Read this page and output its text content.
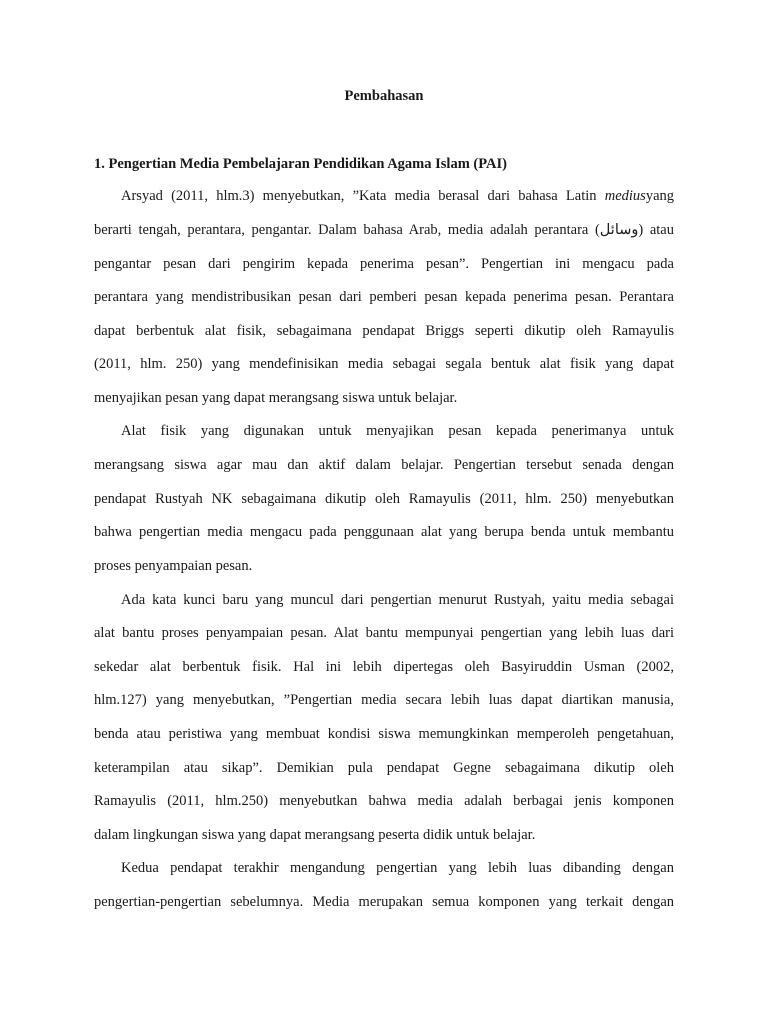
Pembahasan
1. Pengertian Media Pembelajaran Pendidikan Agama Islam (PAI)
Arsyad (2011, hlm.3) menyebutkan, ”Kata media berasal dari bahasa Latin mediusyang
berarti tengah, perantara, pengantar. Dalam bahasa Arab, media adalah perantara (وسائل) atau
pengantar pesan dari pengirim kepada penerima pesan”. Pengertian ini mengacu pada
perantara yang mendistribusikan pesan dari pemberi pesan kepada penerima pesan. Perantara
dapat berbentuk alat fisik, sebagaimana pendapat Briggs seperti dikutip oleh Ramayulis
(2011, hlm. 250) yang mendefinisikan media sebagai segala bentuk alat fisik yang dapat
menyajikan pesan yang dapat merangsang siswa untuk belajar.
Alat fisik yang digunakan untuk menyajikan pesan kepada penerimanya untuk
merangsang siswa agar mau dan aktif dalam belajar. Pengertian tersebut senada dengan
pendapat Rustyah NK sebagaimana dikutip oleh Ramayulis (2011, hlm. 250) menyebutkan
bahwa pengertian media mengacu pada penggunaan alat yang berupa benda untuk membantu
proses penyampaian pesan.
Ada kata kunci baru yang muncul dari pengertian menurut Rustyah, yaitu media sebagai
alat bantu proses penyampaian pesan. Alat bantu mempunyai pengertian yang lebih luas dari
sekedar alat berbentuk fisik. Hal ini lebih dipertegas oleh Basyiruddin Usman (2002,
hlm.127) yang menyebutkan, ”Pengertian media secara lebih luas dapat diartikan manusia,
benda atau peristiwa yang membuat kondisi siswa memungkinkan memperoleh pengetahuan,
keterampilan atau sikap”. Demikian pula pendapat Gegne sebagaimana dikutip oleh
Ramayulis (2011, hlm.250) menyebutkan bahwa media adalah berbagai jenis komponen
dalam lingkungan siswa yang dapat merangsang peserta didik untuk belajar.
Kedua pendapat terakhir mengandung pengertian yang lebih luas dibanding dengan
pengertian-pengertian sebelumnya. Media merupakan semua komponen yang terkait dengan
